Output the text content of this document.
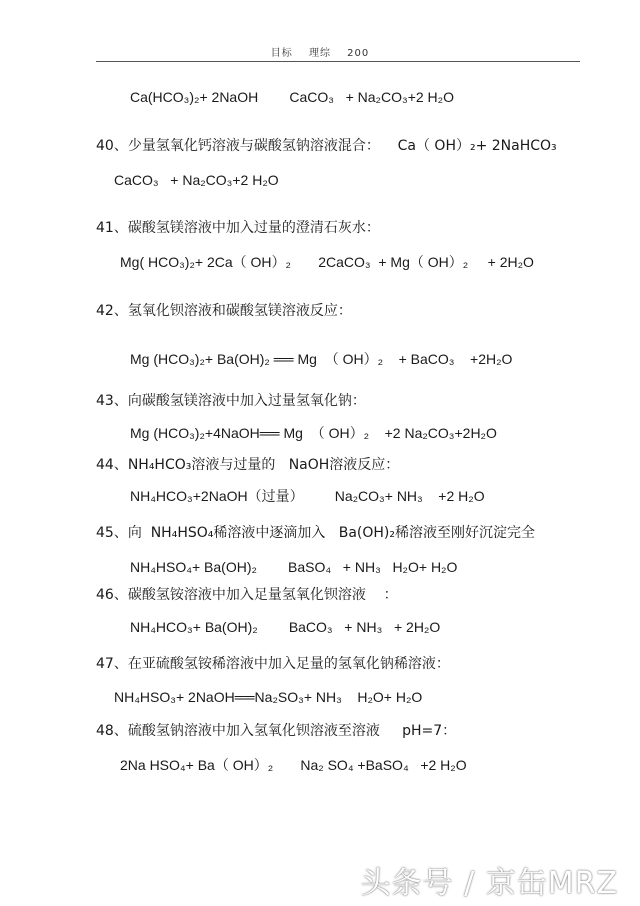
目标 理综 200
Ca(HCO₃)₂+ 2NaOH        CaCO₃   + Na₂CO₃+2 H₂O
40、少量氢氧化钙溶液与碳酸氢钠溶液混合：    Ca（ OH）₂+ 2NaHCO₃
CaCO₃   + Na₂CO₃+2 H₂O
41、碳酸氢镁溶液中加入过量的澄清石灰水：
Mg( HCO₃)₂+ 2Ca（ OH）₂       2CaCO₃  + Mg（ OH）₂     + 2H₂O
42、氢氧化钡溶液和碳酸氢镁溶液反应：
Mg (HCO₃)₂+ Ba(OH)₂ ══ Mg  （ OH）₂    + BaCO₃    +2H₂O
43、向碳酸氢镁溶液中加入过量氢氧化钠：
Mg (HCO₃)₂+4NaOH══ Mg  （ OH）₂    +2 Na₂CO₃+2H₂O
44、NH₄HCO₃溶液与过量的   NaOH溶液反应：
NH₄HCO₃+2NaOH（过量）        Na₂CO₃+ NH₃    +2 H₂O
45、向  NH₄HSO₄稀溶液中逐滴加入   Ba(OH)₂稀溶液至刚好沉淀完全
NH₄HSO₄+ Ba(OH)₂        BaSO₄   + NH₃   H₂O+ H₂O
46、碳酸氢铵溶液中加入足量氢氧化钡溶液    ：
NH₄HCO₃+ Ba(OH)₂        BaCO₃   + NH₃   + 2H₂O
47、在亚硫酸氢铵稀溶液中加入足量的氢氧化钠稀溶液：
NH₄HSO₃+ 2NaOH══Na₂SO₃+ NH₃    H₂O+ H₂O
48、硫酸氢钠溶液中加入氢氧化钡溶液至溶液     pH=7：
2Na HSO₄+ Ba（ OH）₂       Na₂ SO₄ +BaSO₄   +2 H₂O
头条号 / 京缶MRZ
